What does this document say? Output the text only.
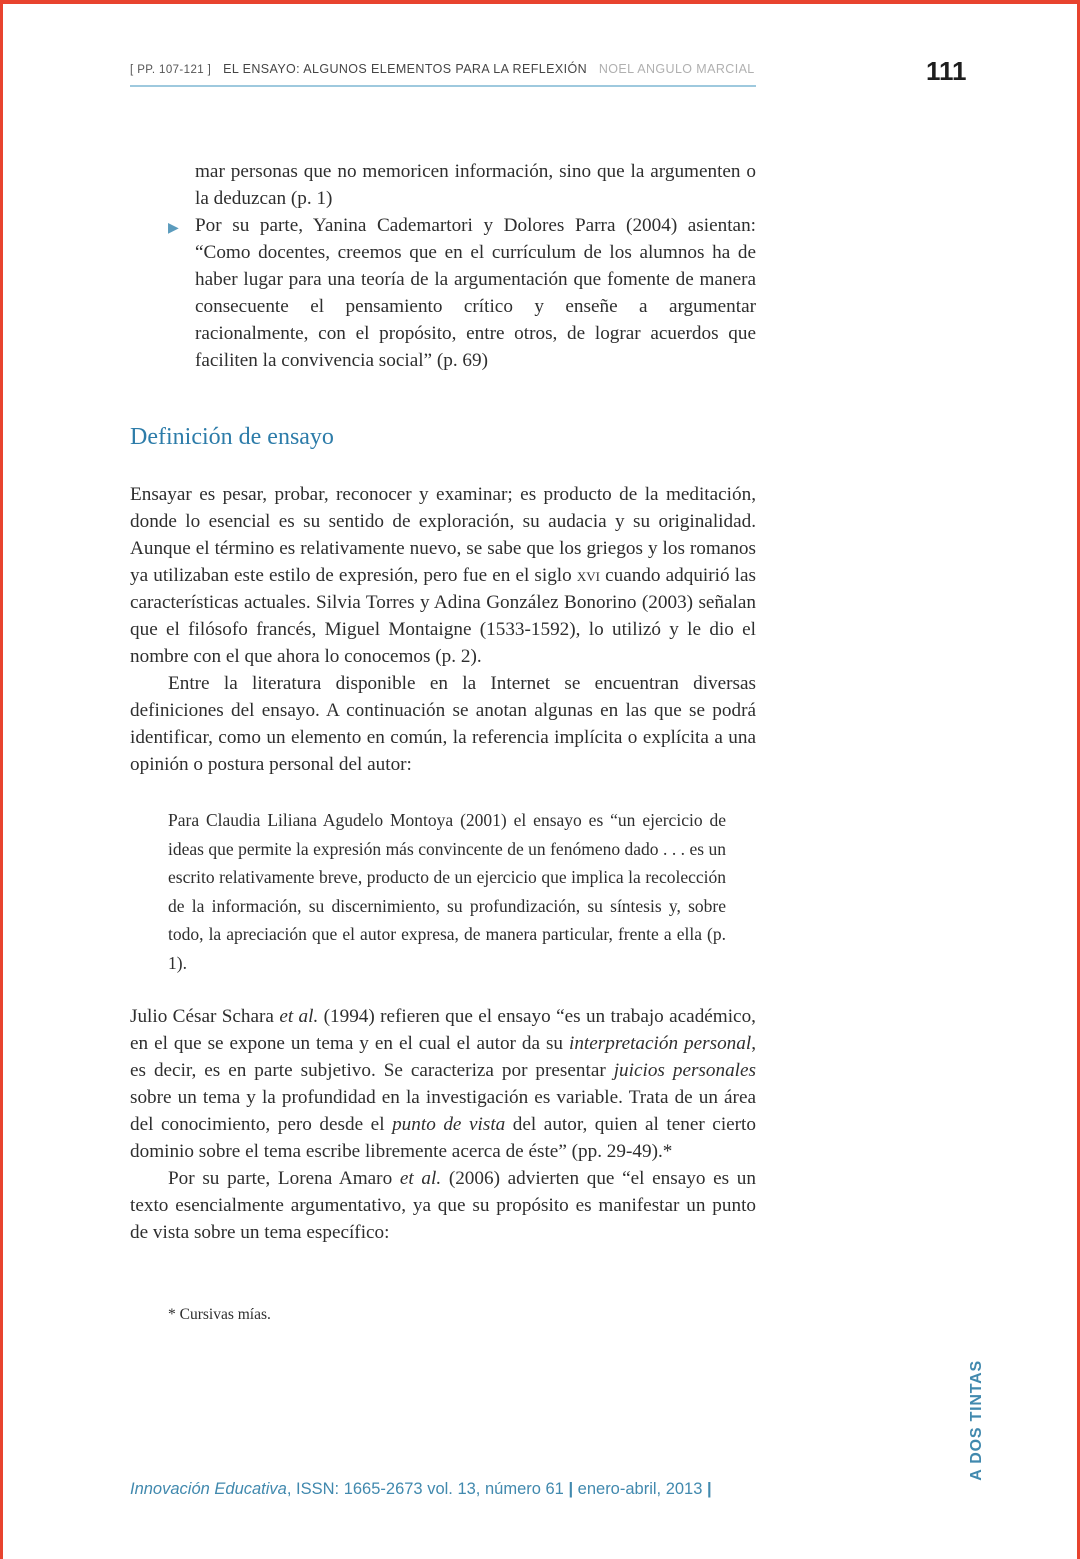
[ PP. 107-121 ] EL ENSAYO: ALGUNOS ELEMENTOS PARA LA REFLEXIÓN NOEL ANGULO MARCIAL	111
mar personas que no memoricen información, sino que la argumenten o la deduzcan (p. 1)
▶ Por su parte, Yanina Cademartori y Dolores Parra (2004) asientan: “Como docentes, creemos que en el currículum de los alumnos ha de haber lugar para una teoría de la argumentación que fomente de manera consecuente el pensamiento crítico y enseñe a argumentar racionalmente, con el propósito, entre otros, de lograr acuerdos que faciliten la convivencia social” (p. 69)
Definición de ensayo

Ensayar es pesar, probar, reconocer y examinar; es producto de la meditación, donde lo esencial es su sentido de exploración, su audacia y su originalidad. Aunque el término es relativamente nuevo, se sabe que los griegos y los romanos ya utilizaban este estilo de expresión, pero fue en el siglo xvi cuando adquirió las características actuales. Silvia Torres y Adina González Bonorino (2003) señalan que el filósofo francés, Miguel Montaigne (1533-1592), lo utilizó y le dio el nombre con el que ahora lo conocemos (p. 2).

Entre la literatura disponible en la Internet se encuentran diversas definiciones del ensayo. A continuación se anotan algunas en las que se podrá identificar, como un elemento en común, la referencia implícita o explícita a una opinión o postura personal del autor:

Para Claudia Liliana Agudelo Montoya (2001) el ensayo es “un ejercicio de ideas que permite la expresión más convincente de un fenómeno dado . . . es un escrito relativamente breve, producto de un ejercicio que implica la recolección de la información, su discernimiento, su profundización, su síntesis y, sobre todo, la apreciación que el autor expresa, de manera particular, frente a ella (p. 1).

Julio César Schara et al. (1994) refieren que el ensayo “es un trabajo académico, en el que se expone un tema y en el cual el autor da su interpretación personal, es decir, es en parte subjetivo. Se caracteriza por presentar juicios personales sobre un tema y la profundidad en la investigación es variable. Trata de un área del conocimiento, pero desde el punto de vista del autor, quien al tener cierto dominio sobre el tema escribe libremente acerca de éste” (pp. 29-49).*

Por su parte, Lorena Amaro et al. (2006) advierten que “el ensayo es un texto esencialmente argumentativo, ya que su propósito es manifestar un punto de vista sobre un tema específico:

* Cursivas mías.
Innovación Educativa, ISSN: 1665-2673 vol. 13, número 61 | enero-abril, 2013 |
A DOS TINTAS
